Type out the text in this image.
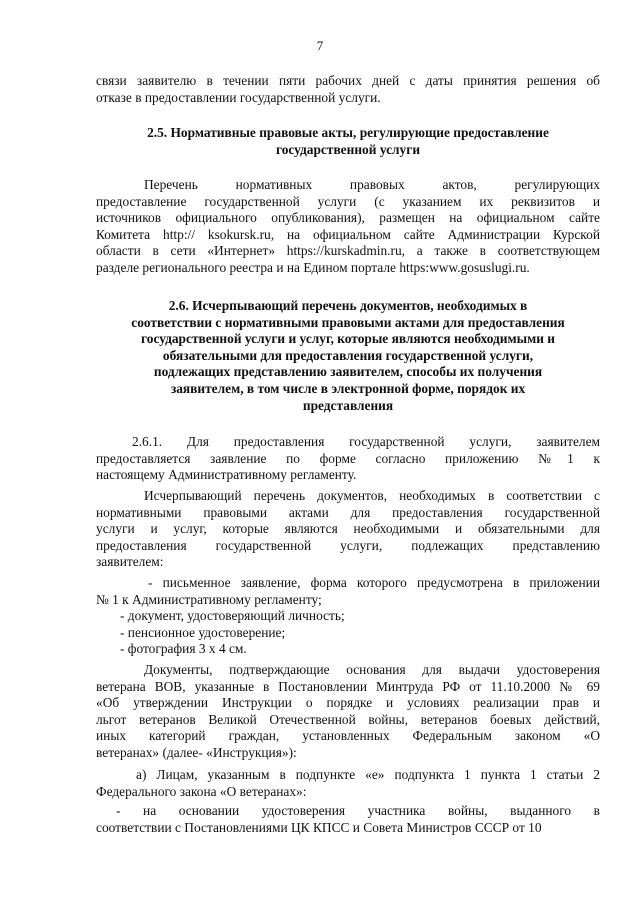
7
связи заявителю в течении пяти рабочих дней с даты принятия решения об
отказе в предоставлении государственной услуги.
2.5. Нормативные правовые акты, регулирующие предоставление
государственной услуги
Перечень нормативных правовых актов, регулирующих
предоставление государственной услуги (с указанием их реквизитов и
источников официального опубликования), размещен на официальном сайте
Комитета http:// ksokursk.ru, на официальном сайте Администрации Курской
области в сети «Интернет» https://kurskadmin.ru, а также в соответствующем
разделе регионального реестра и на Едином портале https:www.gosuslugi.ru.
2.6. Исчерпывающий перечень документов, необходимых в
соответствии с нормативными правовыми актами для предоставления
государственной услуги и услуг, которые являются необходимыми и
обязательными для предоставления государственной услуги,
подлежащих представлению заявителем, способы их получения
заявителем, в том числе в электронной форме, порядок их
представления
2.6.1. Для предоставления государственной услуги, заявителем
предоставляется заявление по форме согласно приложению №1 к
настоящему Административному регламенту.
Исчерпывающий перечень документов, необходимых в соответствии с
нормативными правовыми актами для предоставления государственной
услуги и услуг, которые являются необходимыми и обязательными для
предоставления государственной услуги, подлежащих представлению
заявителем:
- письменное заявление, форма которого предусмотрена в приложении
№ 1 к Административному регламенту;
- документ, удостоверяющий личность;
- пенсионное удостоверение;
- фотография 3 х 4 см.
Документы, подтверждающие основания для выдачи удостоверения
ветерана ВОВ, указанные в Постановлении Минтруда РФ от 11.10.2000 № 69
«Об утверждении Инструкции о порядке и условиях реализации прав и
льгот ветеранов Великой Отечественной войны, ветеранов боевых действий,
иных категорий граждан, установленных Федеральным законом «О
ветеранах» (далее- «Инструкция»):
а) Лицам, указанным в подпункте «е» подпункта 1 пункта 1 статьи 2
Федерального закона «О ветеранах»:
- на основании удостоверения участника войны, выданного в
соответствии с Постановлениями ЦК КПСС и Совета Министров СССР от 10
